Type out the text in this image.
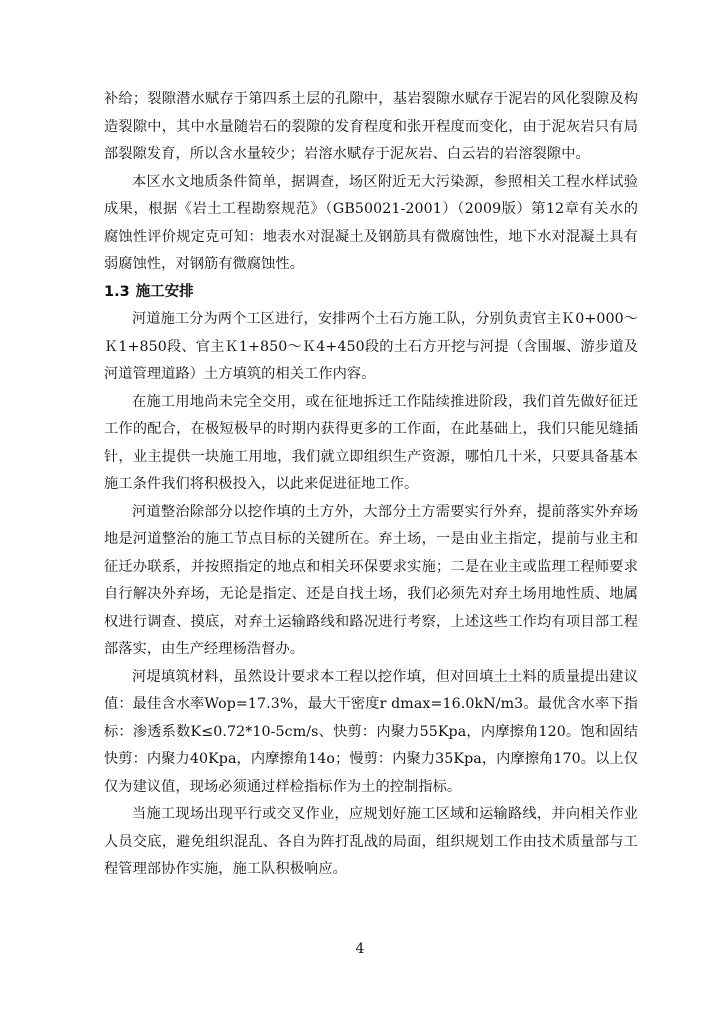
补给；裂隙潜水赋存于第四系土层的孔隙中，基岩裂隙水赋存于泥岩的风化裂隙及构造裂隙中，其中水量随岩石的裂隙的发育程度和张开程度而变化，由于泥灰岩只有局部裂隙发育，所以含水量较少；岩溶水赋存于泥灰岩、白云岩的岩溶裂隙中。

本区水文地质条件简单，据调查，场区附近无大污染源，参照相关工程水样试验成果，根据《岩土工程勘察规范》（GB50021-2001）（2009版）第12章有关水的腐蚀性评价规定克可知：地表水对混凝土及钢筋具有微腐蚀性，地下水对混凝土具有弱腐蚀性，对钢筋有微腐蚀性。

1.3 施工安排

河道施工分为两个工区进行，安排两个土石方施工队，分别负责官主Ｋ0+000～Ｋ1+850段、官主Ｋ1+850～Ｋ4+450段的土石方开挖与河提（含围堰、游步道及河道管理道路）土方填筑的相关工作内容。

在施工用地尚未完全交用，或在征地拆迁工作陆续推进阶段，我们首先做好征迁工作的配合，在极短极早的时期内获得更多的工作面，在此基础上，我们只能见缝插针，业主提供一块施工用地，我们就立即组织生产资源，哪怕几十米，只要具备基本施工条件我们将积极投入，以此来促进征地工作。

河道整治除部分以挖作填的土方外，大部分土方需要实行外弃，提前落实外弃场地是河道整治的施工节点目标的关键所在。弃土场，一是由业主指定，提前与业主和征迁办联系，并按照指定的地点和相关环保要求实施；二是在业主或监理工程师要求自行解决外弃场，无论是指定、还是自找土场，我们必须先对弃土场用地性质、地属权进行调查、摸底，对弃土运输路线和路况进行考察，上述这些工作均有项目部工程部落实，由生产经理杨浩督办。

河堤填筑材料，虽然设计要求本工程以挖作填，但对回填土土料的质量提出建议值：最佳含水率Wop=17.3%，最大干密度r dmax=16.0kN/m3。最优含水率下指标：渗透系数K≤0.72*10-5cm/s、快剪：内聚力55Kpa，内摩擦角120。饱和固结快剪：内聚力40Kpa，内摩擦角14o；慢剪：内聚力35Kpa，内摩擦角170。以上仅仅为建议值，现场必须通过样检指标作为土的控制指标。

当施工现场出现平行或交叉作业，应规划好施工区域和运输路线，并向相关作业人员交底，避免组织混乱、各自为阵打乱战的局面，组织规划工作由技术质量部与工程管理部协作实施，施工队积极响应。

4
